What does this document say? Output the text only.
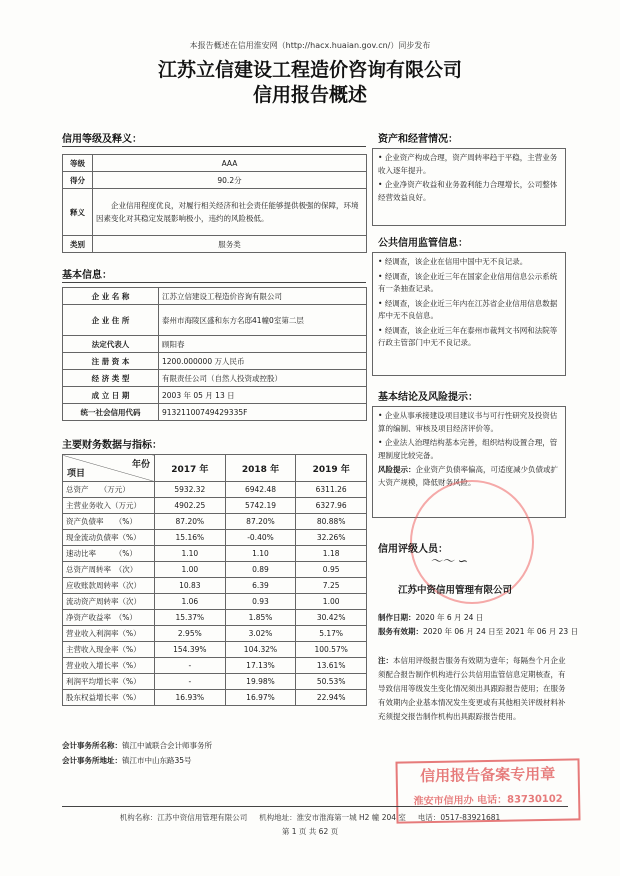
本报告概述在信用淮安网（http://hacx.huaian.gov.cn/）同步发布
江苏立信建设工程造价咨询有限公司
信用报告概述
信用等级及释义：
等级	AAA
得分	90.2分
释义	企业信用程度优良，对履行相关经济和社会责任能够提供极强的保障，环境因素变化对其稳定发展影响极小，违约的风险极低。
类别	服务类
基本信息：
企 业 名 称	江苏立信建设工程造价咨询有限公司
企 业 住 所	泰州市海陵区盛和东方名邸41幢0室第二层
法定代表人	顾阳春
注 册 资 本	1200.000000 万人民币
经 济 类 型	有限责任公司（自然人投资或控股）
成 立 日 期	2003 年 05 月 13 日
统一社会信用代码	913211007494293​35F
主要财务数据与指标：
年份
项目	2017 年	2018 年	2019 年
总资产　　（万元）	5932.32	6942.48	6311.26
主营业务收入（万元）	4902.25	5742.19	6327.96
资产负债率　　（%）	87.20%	87.20%	80.88%
现金流动负债率（%）	15.16%	-0.40%	32.26%
速动比率　　　（%）	1.10	1.10	1.18
总资产周转率　（次）	1.00	0.89	0.95
应收账款周转率（次）	10.83	6.39	7.25
流动资产周转率（次）	1.06	0.93	1.00
净资产收益率　（%）	15.37%	1.85%	30.42%
营业收入利润率（%）	2.95%	3.02%	5.17%
主营收入现金率（%）	154.39%	104.32%	100.57%
营业收入增长率（%）	-	17.13%	13.61%
利润平均增长率（%）	-	19.98%	50.53%
股东权益增长率（%）	16.93%	16.97%	22.94%
会计事务所名称：镇江中诚联合会计师事务所
会计事务所地址：镇江市中山东路35号
资产和经营情况：

• 企业资产构成合理，资产周转率趋于平稳，主营业务收入逐年提升。

• 企业净资产收益和业务盈利能力合理增长，公司整体经营效益良好。

公共信用监管信息：

• 经调查，该企业在信用中国中无不良记录。

• 经调查，该企业近三年在国家企业信用信息公示系统有一条抽查记录。

• 经调查，该企业近三年内在江苏省企业信用信息数据库中无不良信息。

• 经调查，该企业近三年在泰州市裁判文书网和法院等行政主管部门中无不良记录。

基本结论及风险提示：

• 企业从事承接建设项目建议书与可行性研究及投资估算的编制、审核及项目经济评价等。

• 企业法人治理结构基本完善，组织结构设置合理，管理制度比较完备。

风险提示：企业资产负债率偏高，可适度减少负债或扩大资产规模，降低财务风险。

信用评级人员：
〜〜 ∽
江苏中资信用管理有限公司
制作日期：2020 年 6 月 24 日
服务有效期：2020 年 06 月 24 日至 2021 年 06 月 23 日
注：本信用评级报告服务有效期为壹年；每隔叁个月企业须配合报告制作机构进行公共信用监管信息定期核查，有导致信用等级发生变化情况须出具跟踪报告使用；在服务有效期内企业基本情况发生变更或有其他相关评级材料补充须提交报告制作机构出具跟踪报告使用。
信用报告备案专用章
淮安市信用办 电话：83730102
机构名称：江苏中资信用管理有限公司 机构地址：淮安市淮海第一城 H2 幢 204 室 电话：0517-83921681
第 1 页 共 62 页
